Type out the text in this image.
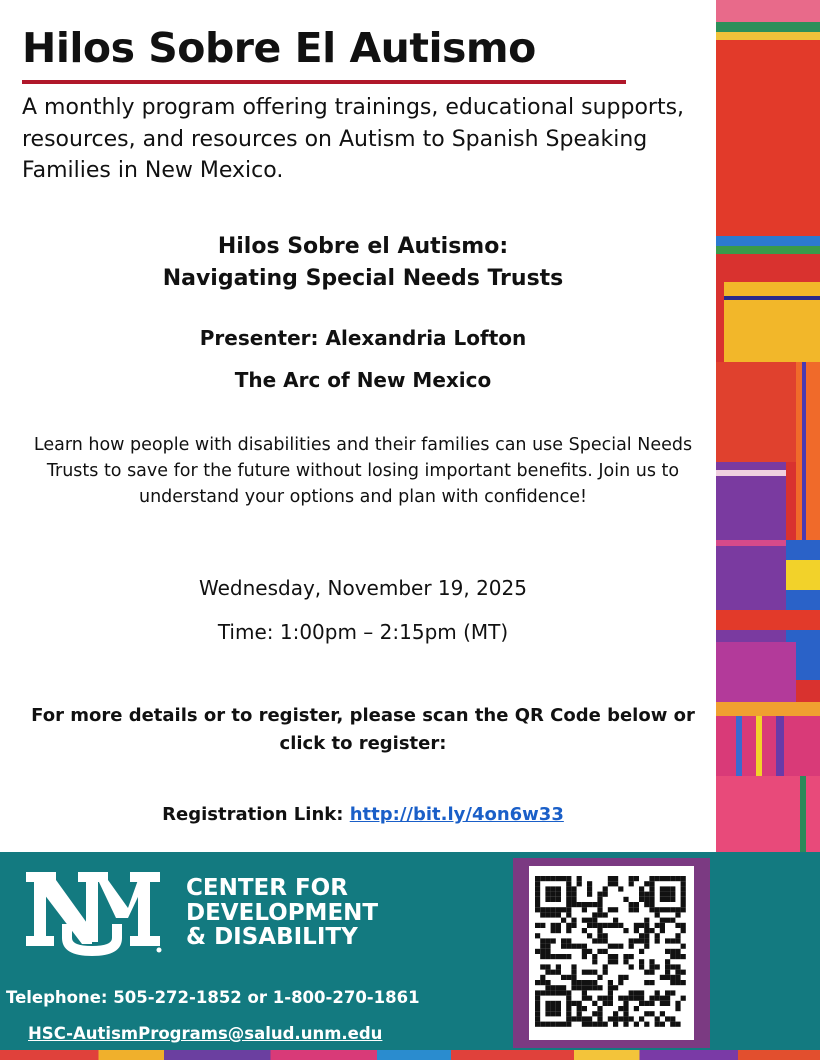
Hilos Sobre El Autismo

A monthly program offering trainings, educational supports, resources, and resources on Autism to Spanish Speaking Families in New Mexico.

Hilos Sobre el Autismo:
Navigating Special Needs Trusts

Presenter: Alexandria Lofton

The Arc of New Mexico

Learn how people with disabilities and their families can use Special Needs Trusts to save for the future without losing important benefits. Join us to understand your options and plan with confidence!

Wednesday, November 19, 2025

Time: 1:00pm – 2:15pm (MT)

For more details or to register, please scan the QR Code below or click to register:

Registration Link: http://bit.ly/4on6w33

CENTER FOR
DEVELOPMENT
& DISABILITY

Telephone: 505-272-1852 or 1-800-270-1861

HSC-AutismPrograms@salud.unm.edu
